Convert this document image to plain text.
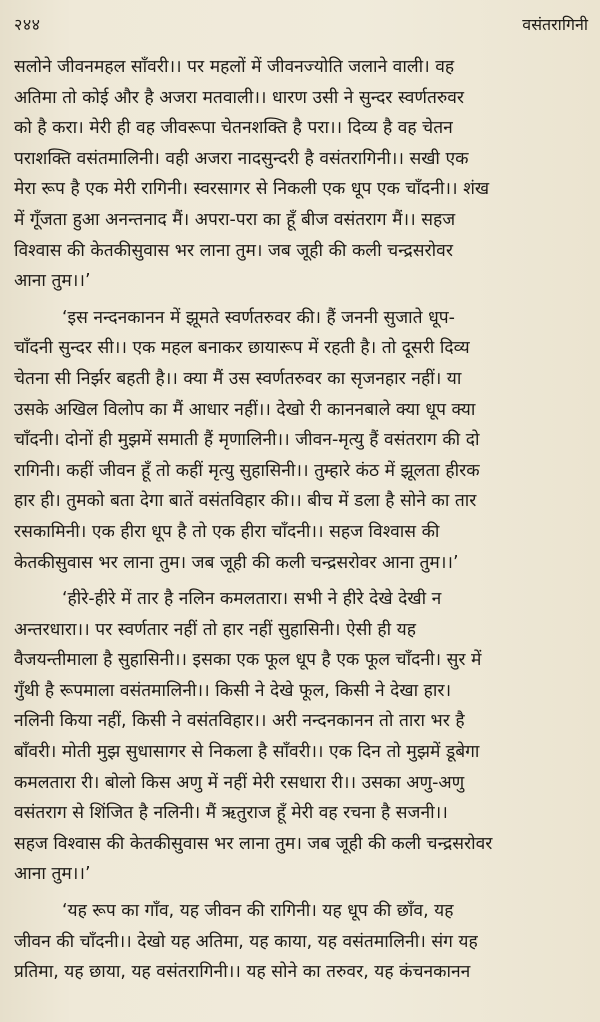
२४४	वसंतरागिनी
सलोने जीवनमहल साँवरी।। पर महलों में जीवनज्योति जलाने वाली। वह
अतिमा तो कोई और है अजरा मतवाली।। धारण उसी ने सुन्दर स्वर्णतरुवर
को है करा। मेरी ही वह जीवरूपा चेतनशक्ति है परा।। दिव्य है वह चेतन
पराशक्ति वसंतमालिनी। वही अजरा नादसुन्दरी है वसंतरागिनी।। सखी एक
मेरा रूप है एक मेरी रागिनी। स्वरसागर से निकली एक धूप एक चाँदनी।। शंख
में गूँजता हुआ अनन्तनाद मैं। अपरा-परा का हूँ बीज वसंतराग मैं।। सहज
विश्वास की केतकीसुवास भर लाना तुम। जब जूही की कली चन्द्रसरोवर
आना तुम।।’
‘इस नन्दनकानन में झूमते स्वर्णतरुवर की। हैं जननी सुजाते धूप-
चाँदनी सुन्दर सी।। एक महल बनाकर छायारूप में रहती है। तो दूसरी दिव्य
चेतना सी निर्झर बहती है।। क्या मैं उस स्वर्णतरुवर का सृजनहार नहीं। या
उसके अखिल विलोप का मैं आधार नहीं।। देखो री काननबाले क्या धूप क्या
चाँदनी। दोनों ही मुझमें समाती हैं मृणालिनी।। जीवन-मृत्यु हैं वसंतराग की दो
रागिनी। कहीं जीवन हूँ तो कहीं मृत्यु सुहासिनी।। तुम्हारे कंठ में झूलता हीरक
हार ही। तुमको बता देगा बातें वसंतविहार की।। बीच में डला है सोने का तार
रसकामिनी। एक हीरा धूप है तो एक हीरा चाँदनी।। सहज विश्वास की
केतकीसुवास भर लाना तुम। जब जूही की कली चन्द्रसरोवर आना तुम।।’
‘हीरे-हीरे में तार है नलिन कमलतारा। सभी ने हीरे देखे देखी न
अन्तरधारा।। पर स्वर्णतार नहीं तो हार नहीं सुहासिनी। ऐसी ही यह
वैजयन्तीमाला है सुहासिनी।। इसका एक फूल धूप है एक फूल चाँदनी। सुर में
गुँथी है रूपमाला वसंतमालिनी।। किसी ने देखे फूल, किसी ने देखा हार।
नलिनी किया नहीं, किसी ने वसंतविहार।। अरी नन्दनकानन तो तारा भर है
बाँवरी। मोती मुझ सुधासागर से निकला है साँवरी।। एक दिन तो मुझमें डूबेगा
कमलतारा री। बोलो किस अणु में नहीं मेरी रसधारा री।। उसका अणु-अणु
वसंतराग से शिंजित है नलिनी। मैं ऋतुराज हूँ मेरी वह रचना है सजनी।।
सहज विश्वास की केतकीसुवास भर लाना तुम। जब जूही की कली चन्द्रसरोवर
आना तुम।।’
‘यह रूप का गाँव, यह जीवन की रागिनी। यह धूप की छाँव, यह
जीवन की चाँदनी।। देखो यह अतिमा, यह काया, यह वसंतमालिनी। संग यह
प्रतिमा, यह छाया, यह वसंतरागिनी।। यह सोने का तरुवर, यह कंचनकानन
